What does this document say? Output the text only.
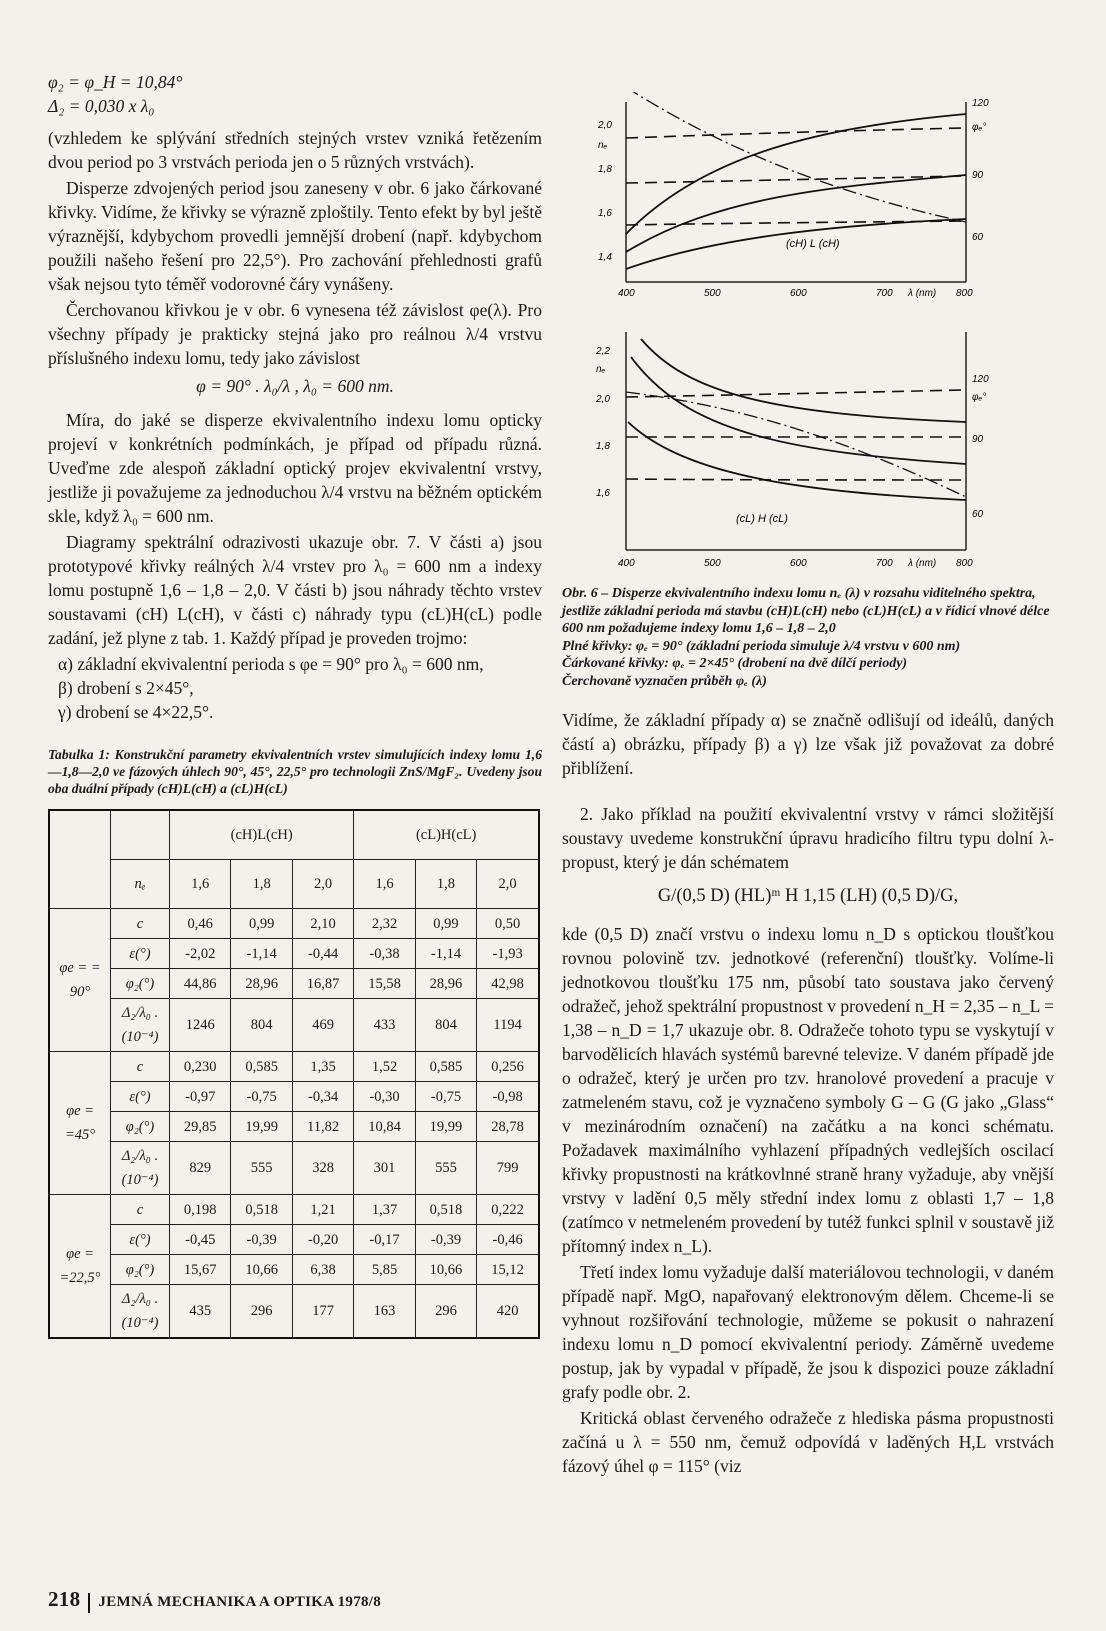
φ₂ = φ_H = 10,84°

Δ₂ = 0,030 x λ₀

(vzhledem ke splývání středních stejných vrstev vzniká řetězením dvou period po 3 vrstvách perioda jen o 5 různých vrstvách).

Disperze zdvojených period jsou zaneseny v obr. 6 jako čárkované křivky. Vidíme, že křivky se výrazně zploštily. Tento efekt by byl ještě výraznější, kdybychom provedli jemnější drobení (např. kdybychom použili našeho řešení pro 22,5°). Pro zachování přehlednosti grafů však nejsou tyto téměř vodorovné čáry vynášeny.

Čerchovanou křivkou je v obr. 6 vynesena též závislost φe(λ). Pro všechny případy je prakticky stejná jako pro reálnou λ/4 vrstvu příslušného indexu lomu, tedy jako závislost

φ = 90° . λ₀/λ , λ₀ = 600 nm.

Míra, do jaké se disperze ekvivalentního indexu lomu opticky projeví v konkrétních podmínkách, je případ od případu různá. Uveďme zde alespoň základní optický projev ekvivalentní vrstvy, jestliže ji považujeme za jednoduchou λ/4 vrstvu na běžném optickém skle, když λ₀ = 600 nm.

Diagramy spektrální odrazivosti ukazuje obr. 7. V části a) jsou prototypové křivky reálných λ/4 vrstev pro λ₀ = 600 nm a indexy lomu postupně 1,6 – 1,8 – 2,0. V části b) jsou náhrady těchto vrstev soustavami (cH) L(cH), v části c) náhrady typu (cL)H(cL) podle zadání, jež plyne z tab. 1. Každý případ je proveden trojmo:

α) základní ekvivalentní perioda s φe = 90° pro λ₀ = 600 nm,

β) drobení s 2×45°,

γ) drobení se 4×22,5°.

Tabulka 1: Konstrukční parametry ekvivalentních vrstev simulujících indexy lomu 1,6—1,8—2,0 ve fázových úhlech 90°, 45°, 22,5° pro technologii ZnS/MgF₂. Uvedeny jsou oba duální případy (cH)L(cH) a (cL)H(cL)

		(cH)L(cH)			(cL)H(cL)		
	nₑ	1,6	1,8	2,0	1,6	1,8	2,0
φe = = 90°	c	0,46	0,99	2,10	2,32	0,99	0,50
	ε(°)	-2,02	-1,14	-0,44	-0,38	-1,14	-1,93
	φ₂(°)	44,86	28,96	16,87	15,58	28,96	42,98
	Δ₂/λ₀ . (10⁻⁴)	1246	804	469	433	804	1194
φe = =45°	c	0,230	0,585	1,35	1,52	0,585	0,256
	ε(°)	-0,97	-0,75	-0,34	-0,30	-0,75	-0,98
	φ₂(°)	29,85	19,99	11,82	10,84	19,99	28,78
	Δ₂/λ₀ . (10⁻⁴)	829	555	328	301	555	799
φe = =22,5°	c	0,198	0,518	1,21	1,37	0,518	0,222
	ε(°)	-0,45	-0,39	-0,20	-0,17	-0,39	-0,46
	φ₂(°)	15,67	10,66	6,38	5,85	10,66	15,12
	Δ₂/λ₀ . (10⁻⁴)	435	296	177	163	296	420
2,0
1,8
1,6
1,4
nₑ
120
φₑ°
90
60
(cH) L (cH)
400	500	600	700 λ (nm) 800
2,2
nₑ
2,0
1,8
1,6
120
φₑ°
90
60
(cL) H (cL)
400	500	600	700 λ (nm) 800
Obr. 6 – Disperze ekvivalentního indexu lomu nₑ (λ) v rozsahu viditelného spektra, jestliže základní perioda má stavbu (cH)L(cH) nebo (cL)H(cL) a v řídicí vlnové délce 600 nm požadujeme indexy lomu 1,6 – 1,8 – 2,0
Plné křivky: φₑ = 90° (základní perioda simuluje λ/4 vrstvu v 600 nm)
Čárkované křivky: φₑ = 2×45° (drobení na dvě dílčí periody)
Čerchovaně vyznačen průběh φₑ (λ)

Vidíme, že základní případy α) se značně odlišují od ideálů, daných částí a) obrázku, případy β) a γ) lze však již považovat za dobré přiblížení.

2. Jako příklad na použití ekvivalentní vrstvy v rámci složitější soustavy uvedeme konstrukční úpravu hradicího filtru typu dolní λ-propust, který je dán schématem

G/(0,5 D) (HL)ᵐ H 1,15 (LH) (0,5 D)/G,

kde (0,5 D) značí vrstvu o indexu lomu n_D s optickou tloušťkou rovnou polovině tzv. jednotkové (referenční) tloušťky. Volíme-li jednotkovou tloušťku 175 nm, působí tato soustava jako červený odražeč, jehož spektrální propustnost v provedení n_H = 2,35 – n_L = 1,38 – n_D = 1,7 ukazuje obr. 8. Odražeče tohoto typu se vyskytují v barvodělicích hlavách systémů barevné televize. V daném případě jde o odražeč, který je určen pro tzv. hranolové provedení a pracuje v zatmeleném stavu, což je vyznačeno symboly G – G (G jako „Glass“ v mezinárodním označení) na začátku a na konci schématu. Požadavek maximálního vyhlazení případných vedlejších oscilací křivky propustnosti na krátkovlnné straně hrany vyžaduje, aby vnější vrstvy v ladění 0,5 měly střední index lomu z oblasti 1,7 – 1,8 (zatímco v netmeleném provedení by tutéž funkci splnil v soustavě již přítomný index n_L).

Třetí index lomu vyžaduje další materiálovou technologii, v daném případě např. MgO, napařovaný elektronovým dělem. Chceme-li se vyhnout rozšiřování technologie, můžeme se pokusit o nahrazení indexu lomu n_D pomocí ekvivalentní periody. Záměrně uvedeme postup, jak by vypadal v případě, že jsou k dispozici pouze základní grafy podle obr. 2.

Kritická oblast červeného odražeče z hlediska pásma propustnosti začíná u λ = 550 nm, čemuž odpovídá v laděných H,L vrstvách fázový úhel φ = 115° (viz

218 JEMNÁ MECHANIKA A OPTIKA 1978/8
